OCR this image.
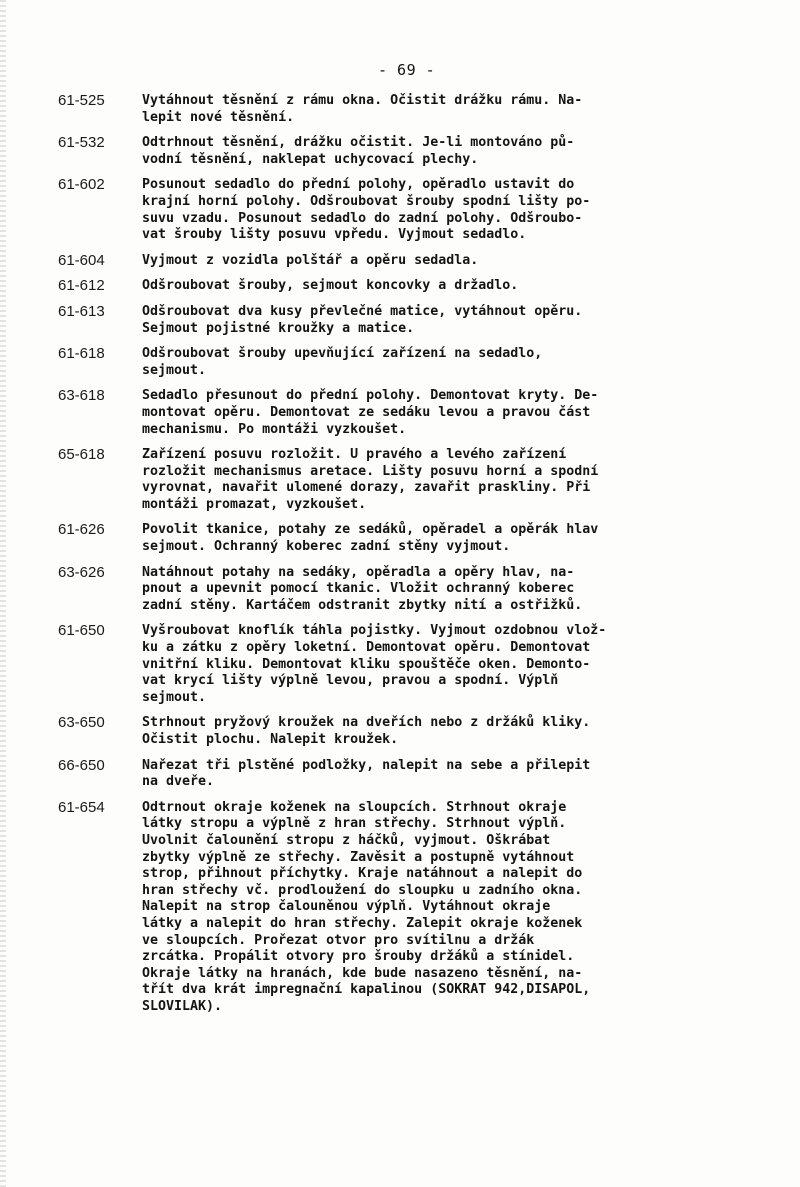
- 69 -
61-525	Vytáhnout těsnění z rámu okna. Očistit drážku rámu. Na-
lepit nové těsnění.
61-532	Odtrhnout těsnění, drážku očistit. Je-li montováno pů-
vodní těsnění, naklepat uchycovací plechy.
61-602	Posunout sedadlo do přední polohy, opěradlo ustavit do
krajní horní polohy. Odšroubovat šrouby spodní lišty po-
suvu vzadu. Posunout sedadlo do zadní polohy. Odšroubo-
vat šrouby lišty posuvu vpředu. Vyjmout sedadlo.
61-604	Vyjmout z vozidla polštář a opěru sedadla.
61-612	Odšroubovat šrouby, sejmout koncovky a držadlo.
61-613	Odšroubovat dva kusy převlečné matice, vytáhnout opěru.
Sejmout pojistné kroužky a matice.
61-618	Odšroubovat šrouby upevňující zařízení na sedadlo,
sejmout.
63-618	Sedadlo přesunout do přední polohy. Demontovat kryty. De-
montovat opěru. Demontovat ze sedáku levou a pravou část
mechanismu. Po montáži vyzkoušet.
65-618	Zařízení posuvu rozložit. U pravého a levého zařízení
rozložit mechanismus aretace. Lišty posuvu horní a spodní
vyrovnat, navařit ulomené dorazy, zavařit praskliny. Při
montáži promazat, vyzkoušet.
61-626	Povolit tkanice, potahy ze sedáků, opěradel a opěrák hlav
sejmout. Ochranný koberec zadní stěny vyjmout.
63-626	Natáhnout potahy na sedáky, opěradla a opěry hlav, na-
pnout a upevnit pomocí tkanic. Vložit ochranný koberec
zadní stěny. Kartáčem odstranit zbytky nití a ostřižků.
61-650	Vyšroubovat knoflík táhla pojistky. Vyjmout ozdobnou vlož-
ku a zátku z opěry loketní. Demontovat opěru. Demontovat
vnitřní kliku. Demontovat kliku spouštěče oken. Demonto-
vat krycí lišty výplně levou, pravou a spodní. Výplň
sejmout.
63-650	Strhnout pryžový kroužek na dveřích nebo z držáků kliky.
Očistit plochu. Nalepit kroužek.
66-650	Nařezat tři plstěné podložky, nalepit na sebe a přilepit
na dveře.
61-654	Odtrnout okraje koženek na sloupcích. Strhnout okraje
látky stropu a výplně z hran střechy. Strhnout výplň.
Uvolnit čalounění stropu z háčků, vyjmout. Oškrábat
zbytky výplně ze střechy. Zavěsit a postupně vytáhnout
strop, přihnout příchytky. Kraje natáhnout a nalepit do
hran střechy vč. prodloužení do sloupku u zadního okna.
Nalepit na strop čalouněnou výplň. Vytáhnout okraje
látky a nalepit do hran střechy. Zalepit okraje koženek
ve sloupcích. Prořezat otvor pro svítilnu a držák
zrcátka. Propálit otvory pro šrouby držáků a stínidel.
Okraje látky na hranách, kde bude nasazeno těsnění, na-
třít dva krát impregnační kapalinou (SOKRAT 942,DISAPOL,
SLOVILAK).
